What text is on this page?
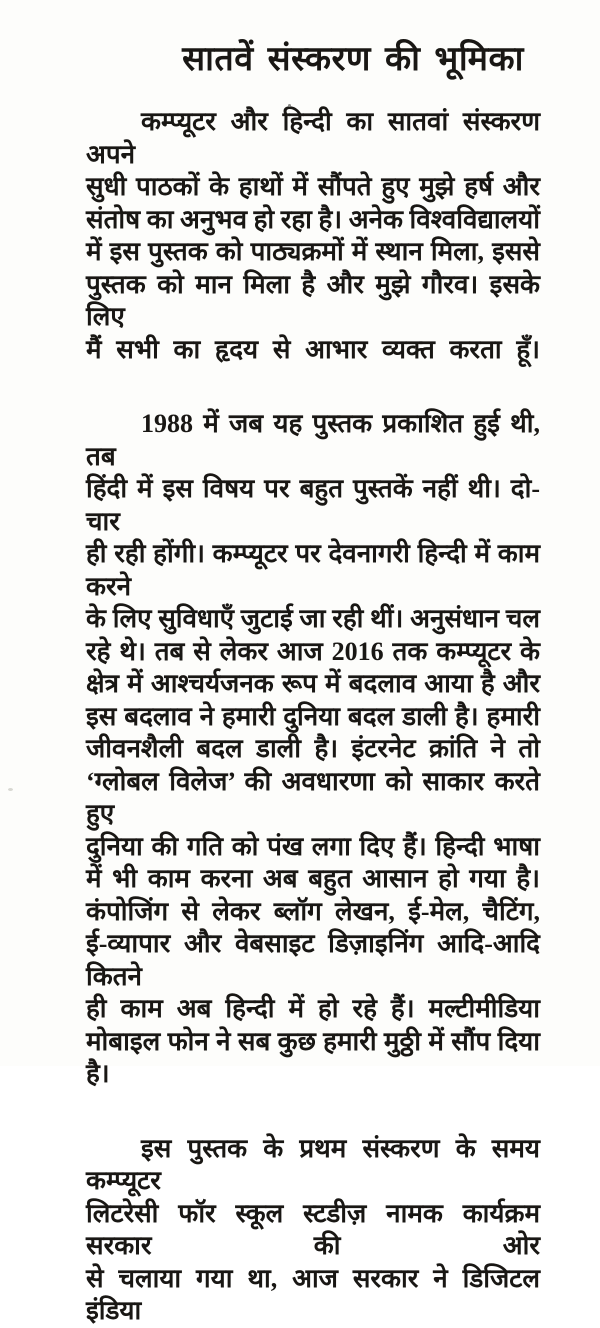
सातवें संस्करण की भूमिका

कम्प्यूटर और हिन्दी का सातवां संस्करण अपने
सुधी पाठकों के हाथों में सौंपते हुए मुझे हर्ष और
संतोष का अनुभव हो रहा है। अनेक विश्वविद्यालयों
में इस पुस्तक को पाठ्यक्रमों में स्थान मिला, इससे
पुस्तक को मान मिला है और मुझे गौरव। इसके लिए
मैं सभी का हृदय से आभार व्यक्त करता हूँ।

1988 में जब यह पुस्तक प्रकाशित हुई थी, तब
हिंदी में इस विषय पर बहुत पुस्तकें नहीं थी। दो-चार
ही रही होंगी। कम्प्यूटर पर देवनागरी हिन्दी में काम करने
के लिए सुविधाएँ जुटाई जा रही थीं। अनुसंधान चल
रहे थे। तब से लेकर आज 2016 तक कम्प्यूटर के
क्षेत्र में आश्चर्यजनक रूप में बदलाव आया है और
इस बदलाव ने हमारी दुनिया बदल डाली है। हमारी
जीवनशैली बदल डाली है। इंटरनेट क्रांति ने तो
‘ग्लोबल विलेज’ की अवधारणा को साकार करते हुए
दुनिया की गति को पंख लगा दिए हैं। हिन्दी भाषा
में भी काम करना अब बहुत आसान हो गया है।
कंपोजिंग से लेकर ब्लॉग लेखन, ई-मेल, चैटिंग,
ई-व्यापार और वेबसाइट डिज़ाइनिंग आदि-आदि कितने
ही काम अब हिन्दी में हो रहे हैं। मल्टीमीडिया
मोबाइल फोन ने सब कुछ हमारी मुठ्ठी में सौंप दिया
है।

इस पुस्तक के प्रथम संस्करण के समय कम्प्यूटर
लिटरेसी फॉर स्कूल स्टडीज़ नामक कार्यक्रम सरकार की ओर
से चलाया गया था, आज सरकार ने डिजिटल इंडिया
